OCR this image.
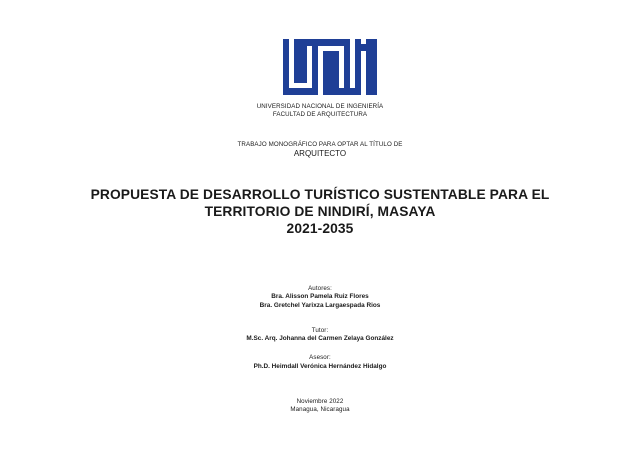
UNIVERSIDAD NACIONAL DE INGENIERÍA
FACULTAD DE ARQUITECTURA
TRABAJO MONOGRÁFICO PARA OPTAR AL TÍTULO DE
ARQUITECTO
PROPUESTA DE DESARROLLO TURÍSTICO SUSTENTABLE PARA EL
TERRITORIO DE NINDIRÍ, MASAYA
2021-2035
Autores:
Bra. Alisson Pamela Ruiz Flores
Bra. Gretchel Yarixza Largaespada Rios
Tutor:
M.Sc. Arq. Johanna del Carmen Zelaya González
Asesor:
Ph.D. Heimdall Verónica Hernández Hidalgo
Noviembre 2022
Managua, Nicaragua
